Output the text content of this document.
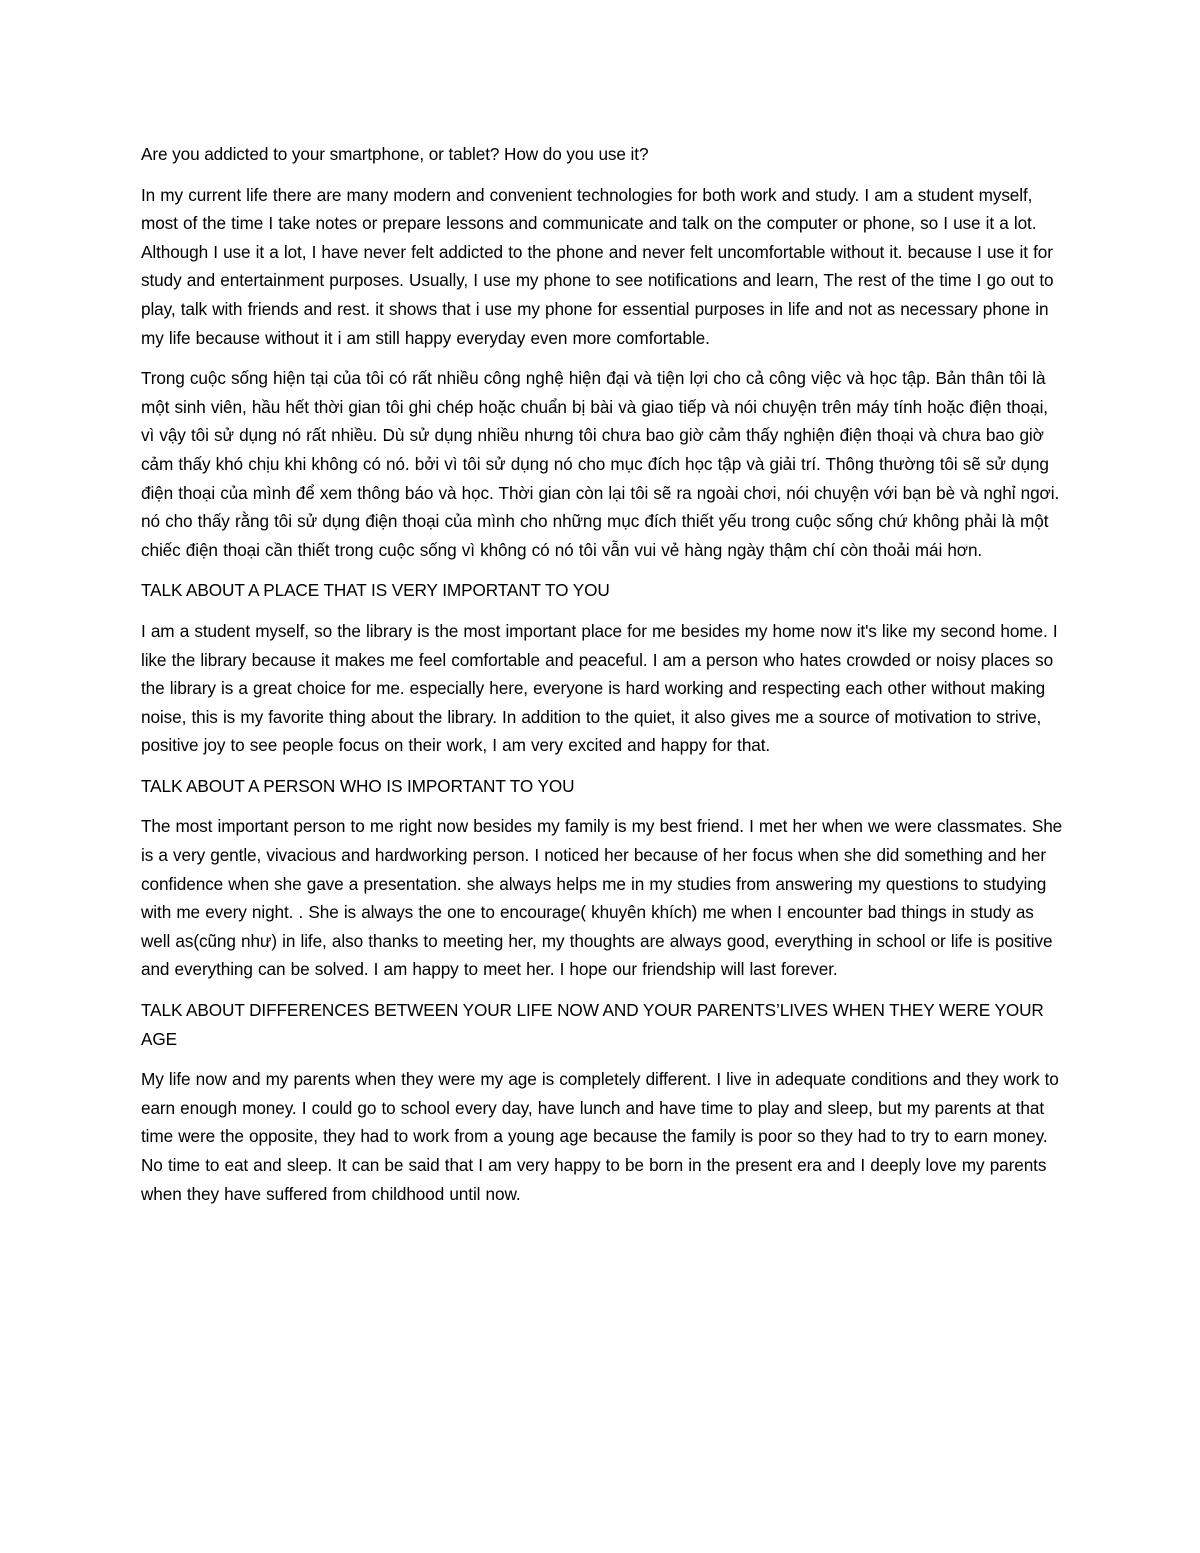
Are you addicted to your smartphone, or tablet? How do you use it?

In my current life there are many modern and convenient technologies for both work and study. I am a student myself, most of the time I take notes or prepare lessons and communicate and talk on the computer or phone, so I use it a lot. Although I use it a lot, I have never felt addicted to the phone and never felt uncomfortable without it. because I use it for study and entertainment purposes. Usually, I use my phone to see notifications and learn, The rest of the time I go out to play, talk with friends and rest. it shows that i use my phone for essential purposes in life and not as necessary phone in my life because without it i am still happy everyday even more comfortable.

Trong cuộc sống hiện tại của tôi có rất nhiều công nghệ hiện đại và tiện lợi cho cả công việc và học tập. Bản thân tôi là một sinh viên, hầu hết thời gian tôi ghi chép hoặc chuẩn bị bài và giao tiếp và nói chuyện trên máy tính hoặc điện thoại, vì vậy tôi sử dụng nó rất nhiều. Dù sử dụng nhiều nhưng tôi chưa bao giờ cảm thấy nghiện điện thoại và chưa bao giờ cảm thấy khó chịu khi không có nó. bởi vì tôi sử dụng nó cho mục đích học tập và giải trí. Thông thường tôi sẽ sử dụng điện thoại của mình để xem thông báo và học. Thời gian còn lại tôi sẽ ra ngoài chơi, nói chuyện với bạn bè và nghỉ ngơi. nó cho thấy rằng tôi sử dụng điện thoại của mình cho những mục đích thiết yếu trong cuộc sống chứ không phải là một chiếc điện thoại cần thiết trong cuộc sống vì không có nó tôi vẫn vui vẻ hàng ngày thậm chí còn thoải mái hơn.

TALK ABOUT A PLACE THAT IS VERY IMPORTANT TO YOU

I am a student myself, so the library is the most important place for me besides my home now it's like my second home. I like the library because it makes me feel comfortable and peaceful. I am a person who hates crowded or noisy places so the library is a great choice for me. especially here, everyone is hard working and respecting each other without making noise, this is my favorite thing about the library. In addition to the quiet, it also gives me a source of motivation to strive, positive joy to see people focus on their work, I am very excited and happy for that.

TALK ABOUT A PERSON WHO IS IMPORTANT TO YOU

The most important person to me right now besides my family is my best friend. I met her when we were classmates. She is a very gentle, vivacious and hardworking person. I noticed her because of her focus when she did something and her confidence when she gave a presentation. she always helps me in my studies from answering my questions to studying with me every night. . She is always the one to encourage( khuyên khích) me when I encounter bad things in study as well as(cũng như) in life, also thanks to meeting her, my thoughts are always good, everything in school or life is positive and everything can be solved. I am happy to meet her. I hope our friendship will last forever.

TALK ABOUT DIFFERENCES BETWEEN YOUR LIFE NOW AND YOUR PARENTS’LIVES WHEN THEY WERE YOUR AGE

My life now and my parents when they were my age is completely different. I live in adequate conditions and they work to earn enough money. I could go to school every day, have lunch and have time to play and sleep, but my parents at that time were the opposite, they had to work from a young age because the family is poor so they had to try to earn money. No time to eat and sleep. It can be said that I am very happy to be born in the present era and I deeply love my parents when they have suffered from childhood until now.
